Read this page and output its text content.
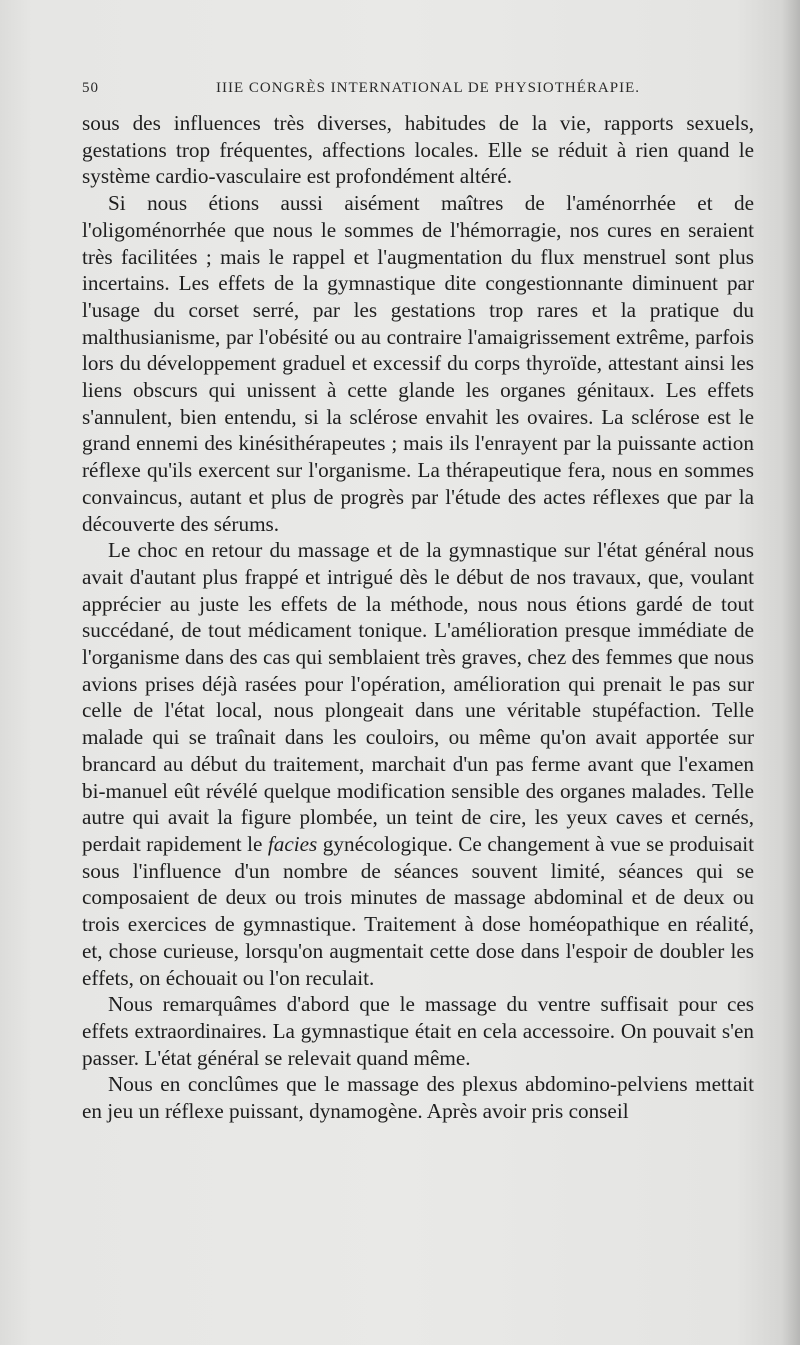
50	IIIE CONGRÈS INTERNATIONAL DE PHYSIOTHÉRAPIE.

sous des influences très diverses, habitudes de la vie, rapports sexuels, gestations trop fréquentes, affections locales. Elle se réduit à rien quand le système cardio-vasculaire est profondément altéré.

Si nous étions aussi aisément maîtres de l'aménorrhée et de l'oligoménorrhée que nous le sommes de l'hémorragie, nos cures en seraient très facilitées ; mais le rappel et l'augmentation du flux menstruel sont plus incertains. Les effets de la gymnastique dite congestionnante diminuent par l'usage du corset serré, par les gestations trop rares et la pratique du malthusianisme, par l'obésité ou au contraire l'amaigrissement extrême, parfois lors du développement graduel et excessif du corps thyroïde, attestant ainsi les liens obscurs qui unissent à cette glande les organes génitaux. Les effets s'annulent, bien entendu, si la sclérose envahit les ovaires. La sclérose est le grand ennemi des kinésithérapeutes ; mais ils l'enrayent par la puissante action réflexe qu'ils exercent sur l'organisme. La thérapeutique fera, nous en sommes convaincus, autant et plus de progrès par l'étude des actes réflexes que par la découverte des sérums.

Le choc en retour du massage et de la gymnastique sur l'état général nous avait d'autant plus frappé et intrigué dès le début de nos travaux, que, voulant apprécier au juste les effets de la méthode, nous nous étions gardé de tout succédané, de tout médicament tonique. L'amélioration presque immédiate de l'organisme dans des cas qui semblaient très graves, chez des femmes que nous avions prises déjà rasées pour l'opération, amélioration qui prenait le pas sur celle de l'état local, nous plongeait dans une véritable stupéfaction. Telle malade qui se traînait dans les couloirs, ou même qu'on avait apportée sur brancard au début du traitement, marchait d'un pas ferme avant que l'examen bi-manuel eût révélé quelque modification sensible des organes malades. Telle autre qui avait la figure plombée, un teint de cire, les yeux caves et cernés, perdait rapidement le facies gynécologique. Ce changement à vue se produisait sous l'influence d'un nombre de séances souvent limité, séances qui se composaient de deux ou trois minutes de massage abdominal et de deux ou trois exercices de gymnastique. Traitement à dose homéopathique en réalité, et, chose curieuse, lorsqu'on augmentait cette dose dans l'espoir de doubler les effets, on échouait ou l'on reculait.

Nous remarquâmes d'abord que le massage du ventre suffisait pour ces effets extraordinaires. La gymnastique était en cela accessoire. On pouvait s'en passer. L'état général se relevait quand même.

Nous en conclûmes que le massage des plexus abdomino-pelviens mettait en jeu un réflexe puissant, dynamogène. Après avoir pris conseil
